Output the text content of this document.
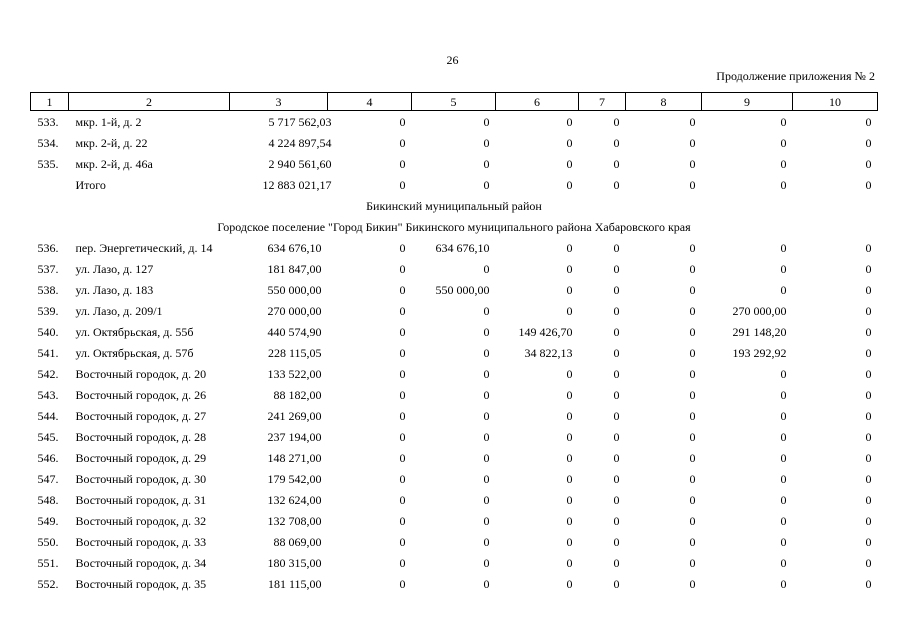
26
Продолжение приложения № 2
1	2	3	4	5	6	7	8	9	10
533.	мкр. 1-й, д. 2	5 717 562,03	0	0	0	0	0	0	0
534.	мкр. 2-й, д. 22	4 224 897,54	0	0	0	0	0	0	0
535.	мкр. 2-й, д. 46а	2 940 561,60	0	0	0	0	0	0	0
	Итого	12 883 021,17	0	0	0	0	0	0	0
Бикинский муниципальный район
Городское поселение "Город Бикин" Бикинского муниципального района Хабаровского края
536.	пер. Энергетический, д. 14	634 676,10	0	634 676,10	0	0	0	0	0
537.	ул. Лазо, д. 127	181 847,00	0	0	0	0	0	0	0
538.	ул. Лазо, д. 183	550 000,00	0	550 000,00	0	0	0	0	0
539.	ул. Лазо, д. 209/1	270 000,00	0	0	0	0	0	270 000,00	0
540.	ул. Октябрьская, д. 55б	440 574,90	0	0	149 426,70	0	0	291 148,20	0
541.	ул. Октябрьская, д. 57б	228 115,05	0	0	34 822,13	0	0	193 292,92	0
542.	Восточный городок, д. 20	133 522,00	0	0	0	0	0	0	0
543.	Восточный городок, д. 26	88 182,00	0	0	0	0	0	0	0
544.	Восточный городок, д. 27	241 269,00	0	0	0	0	0	0	0
545.	Восточный городок, д. 28	237 194,00	0	0	0	0	0	0	0
546.	Восточный городок, д. 29	148 271,00	0	0	0	0	0	0	0
547.	Восточный городок, д. 30	179 542,00	0	0	0	0	0	0	0
548.	Восточный городок, д. 31	132 624,00	0	0	0	0	0	0	0
549.	Восточный городок, д. 32	132 708,00	0	0	0	0	0	0	0
550.	Восточный городок, д. 33	88 069,00	0	0	0	0	0	0	0
551.	Восточный городок, д. 34	180 315,00	0	0	0	0	0	0	0
552.	Восточный городок, д. 35	181 115,00	0	0	0	0	0	0	0
